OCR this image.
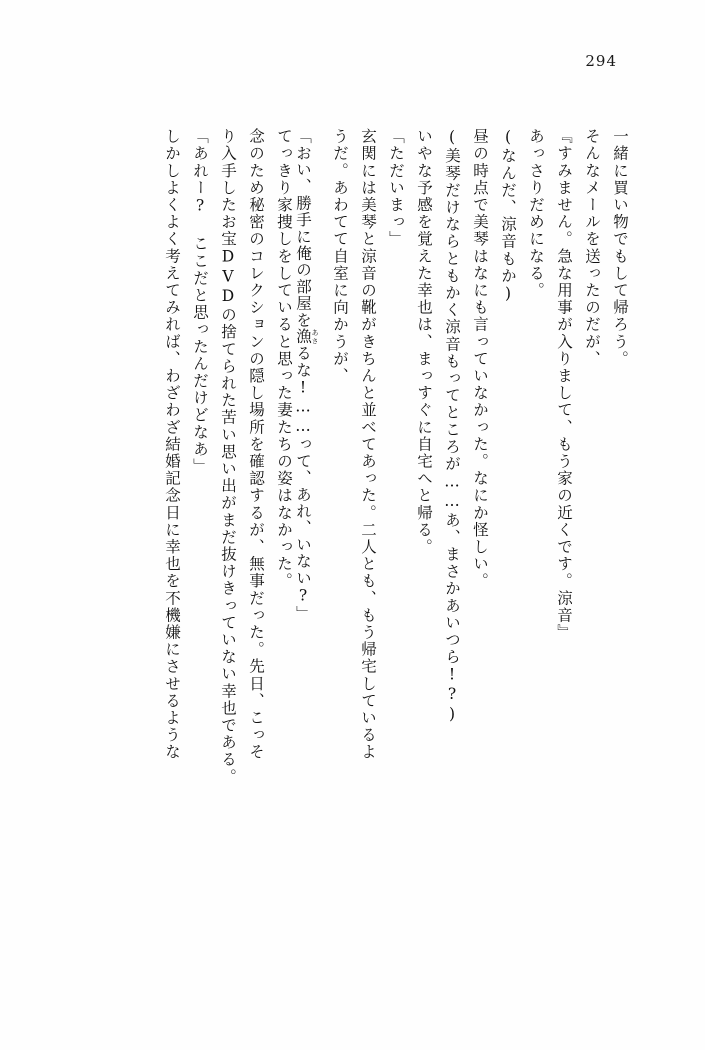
294
一緒に買い物でもして帰ろう。
そんなメールを送ったのだが、
『すみません。急な用事が入りまして、もう家の近くです。涼音』
あっさりだめになる。
(なんだ、涼音もか)
昼の時点で美琴はなにも言っていなかった。なにか怪しい。
(美琴だけならともかく涼音もってところが……あ、まさかあいつら!?)
いやな予感を覚えた幸也は、まっすぐに自宅へと帰る。
「ただいまっ」
玄関には美琴と涼音の靴がきちんと並べてあった。二人とも、もう帰宅しているよ
うだ。あわてて自室に向かうが、
「おい、勝手に俺の部屋を漁 あさるな!……って、あれ、いない?」
てっきり家捜しをしていると思った妻たちの姿はなかった。
念のため秘密のコレクションの隠し場所を確認するが、無事だった。先日、こっそ
り入手したお宝DVDの捨てられた苦い思い出がまだ抜けきっていない幸也である。
「あれー? ここだと思ったんだけどなあ」
しかしよくよく考えてみれば、わざわざ結婚記念日に幸也を不機嫌にさせるような
